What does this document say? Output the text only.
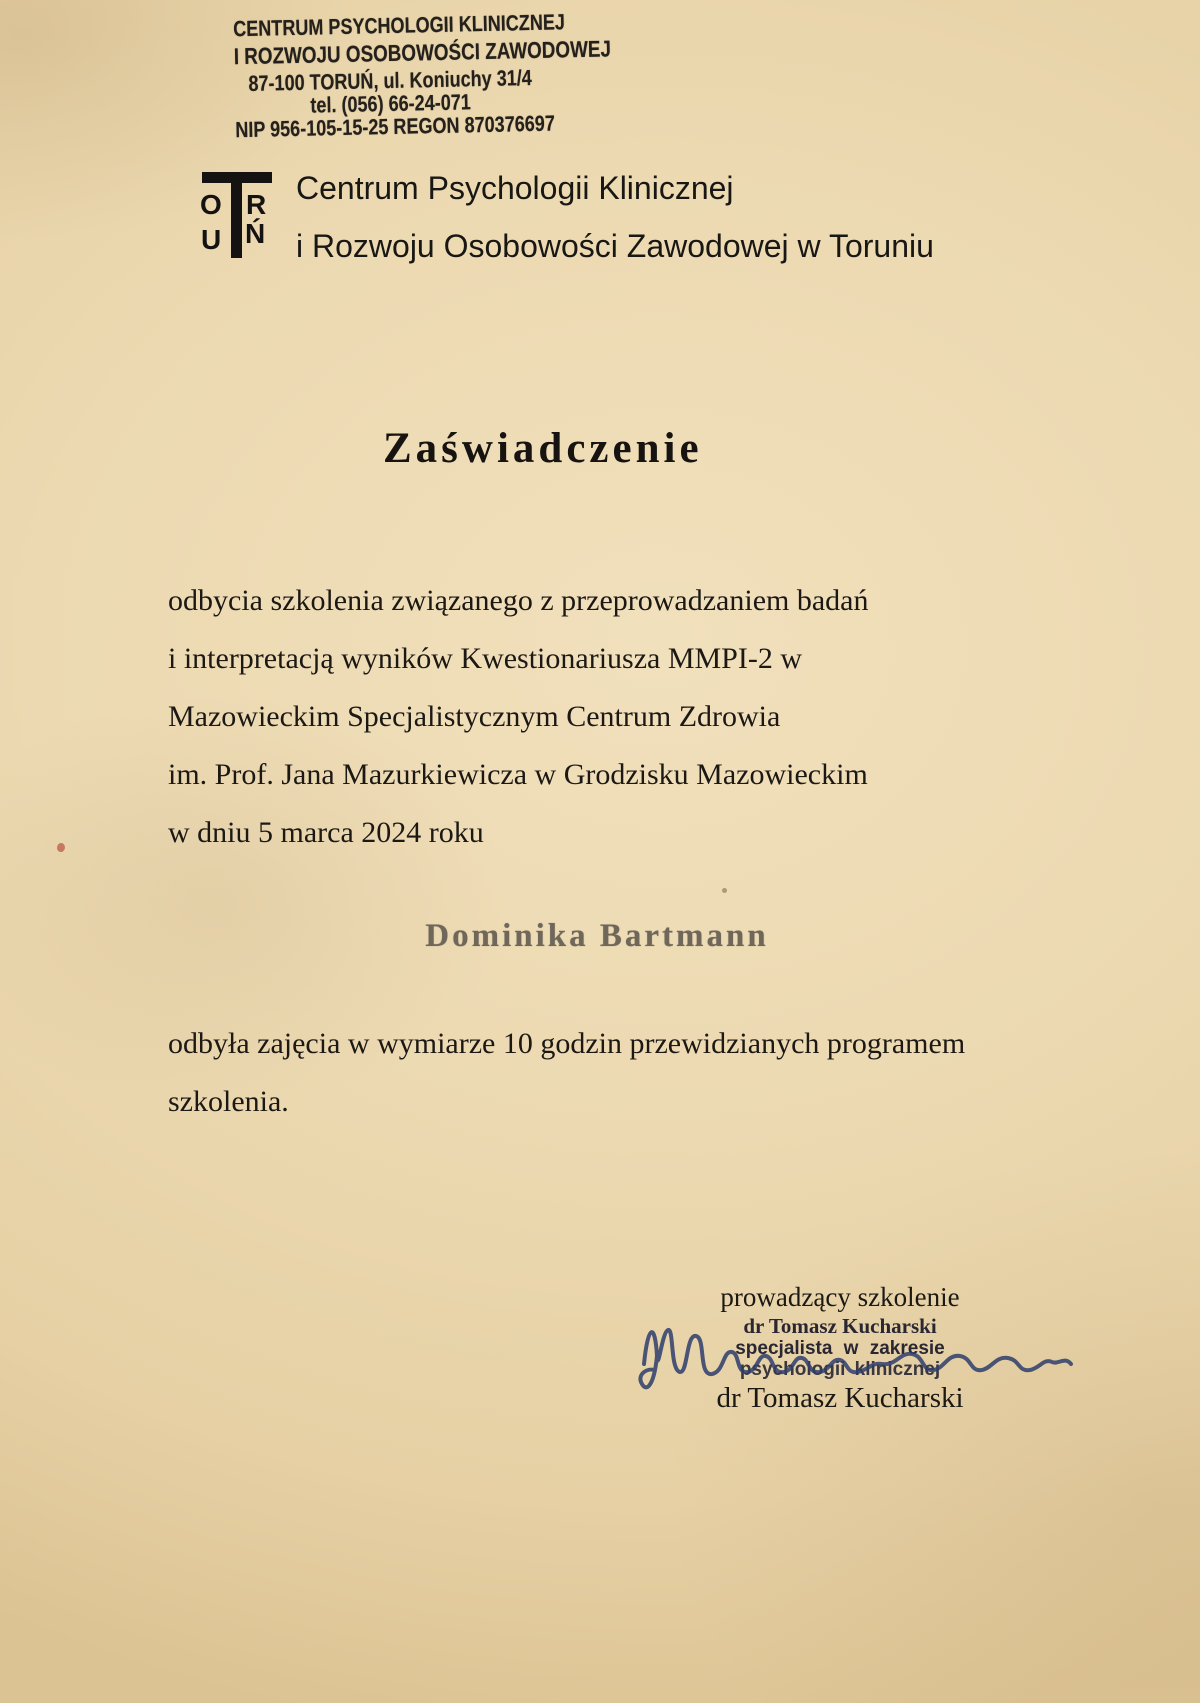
CENTRUM PSYCHOLOGII KLINICZNEJ
I ROZWOJU OSOBOWOŚCI ZAWODOWEJ
87-100 TORUŃ, ul. Koniuchy 31/4
tel. (056) 66-24-071
NIP 956-105-15-25 REGON 870376697
O R
U Ń
Centrum Psychologii Klinicznej
i Rozwoju Osobowości Zawodowej w Toruniu
Zaświadczenie
odbycia szkolenia związanego z przeprowadzaniem badań
i interpretacją wyników Kwestionariusza MMPI-2 w
Mazowieckim Specjalistycznym Centrum Zdrowia
im. Prof. Jana Mazurkiewicza w Grodzisku Mazowieckim
w dniu 5 marca 2024 roku
Dominika Bartmann
odbyła zajęcia w wymiarze 10 godzin przewidzianych programem
szkolenia.
prowadzący szkolenie
dr Tomasz Kucharski
specjalista w zakresie
psychologii klinicznej
dr Tomasz Kucharski
